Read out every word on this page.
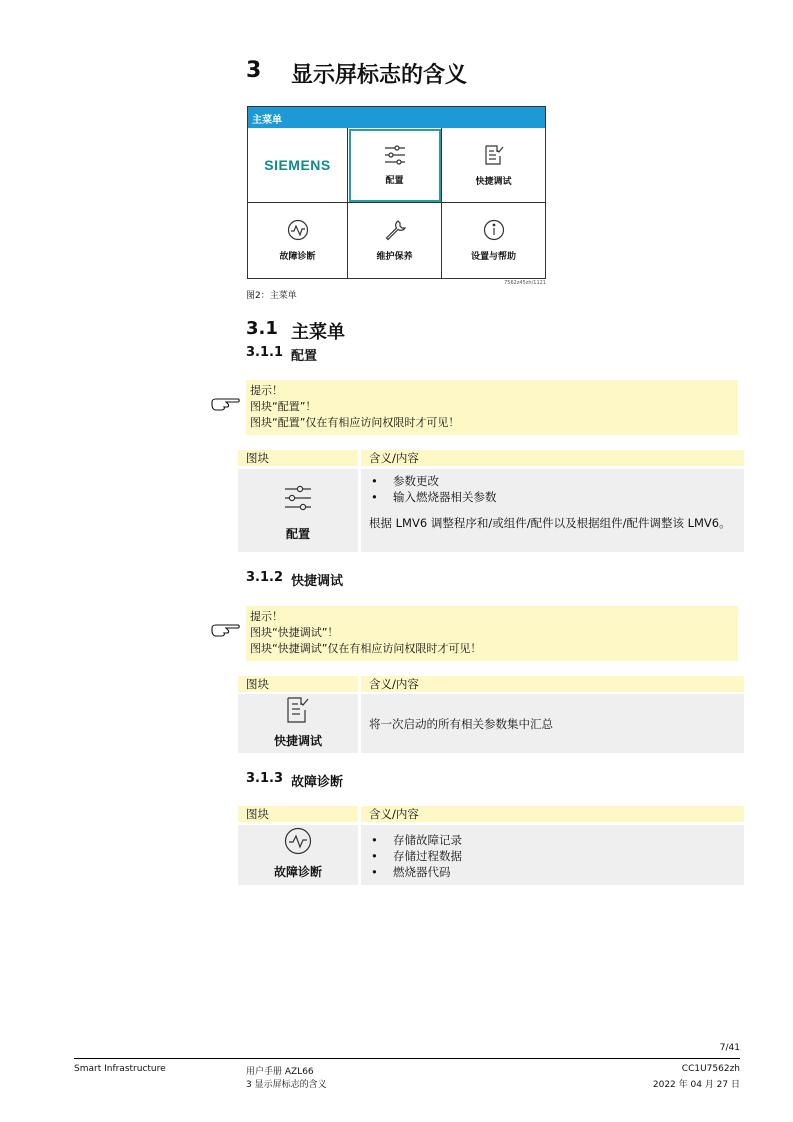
3 显示屏标志的含义
主菜单
SIEMENS
配置	快捷调试
故障诊断	维护保养	设置与帮助
7562z45zh/1121
图2：主菜单
3.1 主菜单
3.1.1 配置
提示！
图块“配置”！
图块“配置”仅在有相应访问权限时才可见！
图块	含义/内容
配置
• 参数更改
• 输入燃烧器相关参数
根据 LMV6 调整程序和/或组件/配件以及根据组件/配件调整该 LMV6。
3.1.2 快捷调试
提示！
图块“快捷调试”！
图块“快捷调试”仅在有相应访问权限时才可见！
图块	含义/内容
快捷调试
将一次启动的所有相关参数集中汇总
3.1.3 故障诊断
图块	含义/内容
故障诊断
• 存储故障记录
• 存储过程数据
• 燃烧器代码
7/41
Smart Infrastructure	用户手册 AZL66
3 显示屏标志的含义
CC1U7562zh
2022 年 04 月 27 日
